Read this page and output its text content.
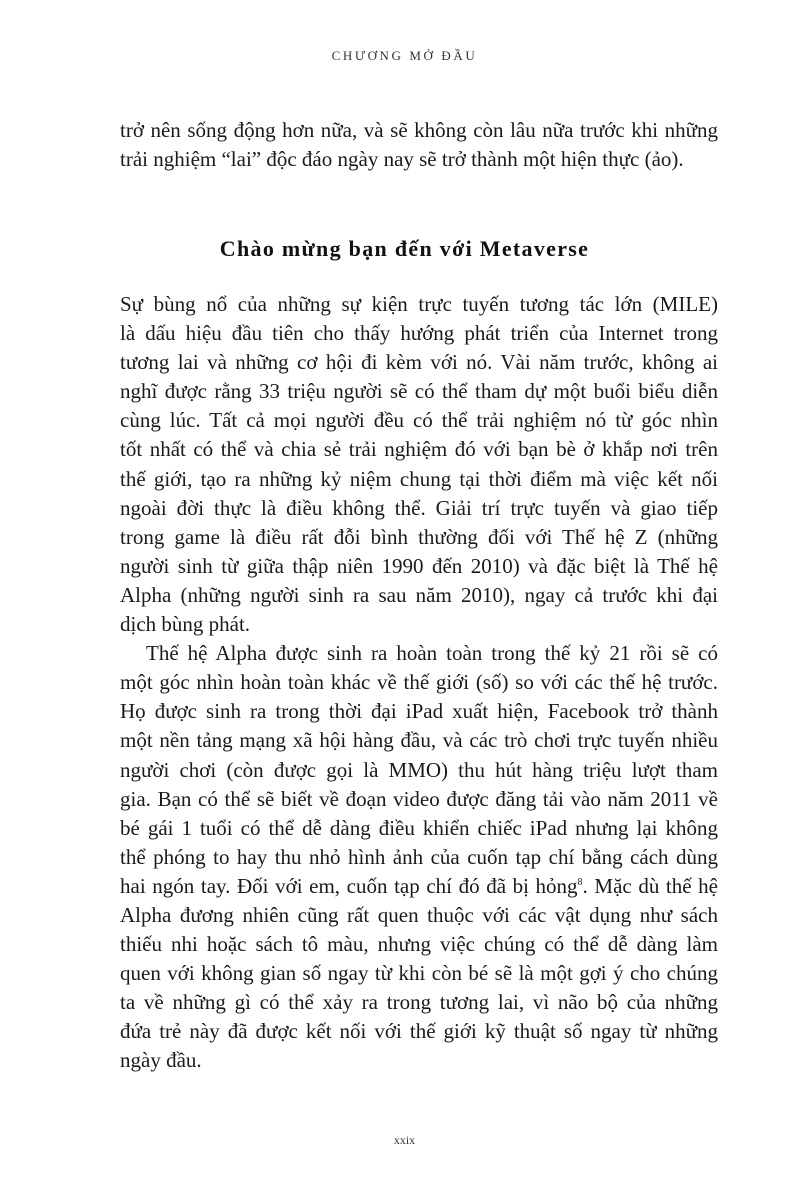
CHƯƠNG MỞ ĐẦU
trở nên sống động hơn nữa, và sẽ không còn lâu nữa trước khi những
trải nghiệm “lai” độc đáo ngày nay sẽ trở thành một hiện thực (ảo).
Chào mừng bạn đến với Metaverse
Sự bùng nổ của những sự kiện trực tuyến tương tác lớn (MILE)
là dấu hiệu đầu tiên cho thấy hướng phát triển của Internet trong
tương lai và những cơ hội đi kèm với nó. Vài năm trước, không ai
nghĩ được rằng 33 triệu người sẽ có thể tham dự một buổi biểu diễn
cùng lúc. Tất cả mọi người đều có thể trải nghiệm nó từ góc nhìn
tốt nhất có thể và chia sẻ trải nghiệm đó với bạn bè ở khắp nơi trên
thế giới, tạo ra những kỷ niệm chung tại thời điểm mà việc kết nối
ngoài đời thực là điều không thể. Giải trí trực tuyến và giao tiếp
trong game là điều rất đỗi bình thường đối với Thế hệ Z (những
người sinh từ giữa thập niên 1990 đến 2010) và đặc biệt là Thế hệ
Alpha (những người sinh ra sau năm 2010), ngay cả trước khi đại
dịch bùng phát.
Thế hệ Alpha được sinh ra hoàn toàn trong thế kỷ 21 rồi sẽ có
một góc nhìn hoàn toàn khác về thế giới (số) so với các thế hệ trước.
Họ được sinh ra trong thời đại iPad xuất hiện, Facebook trở thành
một nền tảng mạng xã hội hàng đầu, và các trò chơi trực tuyến nhiều
người chơi (còn được gọi là MMO) thu hút hàng triệu lượt tham
gia. Bạn có thể sẽ biết về đoạn video được đăng tải vào năm 2011 về
bé gái 1 tuổi có thể dễ dàng điều khiển chiếc iPad nhưng lại không
thể phóng to hay thu nhỏ hình ảnh của cuốn tạp chí bằng cách dùng
hai ngón tay. Đối với em, cuốn tạp chí đó đã bị hỏng$^8$. Mặc dù thế hệ
Alpha đương nhiên cũng rất quen thuộc với các vật dụng như sách
thiếu nhi hoặc sách tô màu, nhưng việc chúng có thể dễ dàng làm
quen với không gian số ngay từ khi còn bé sẽ là một gợi ý cho chúng
ta về những gì có thể xảy ra trong tương lai, vì não bộ của những
đứa trẻ này đã được kết nối với thế giới kỹ thuật số ngay từ những
ngày đầu.
xxix
